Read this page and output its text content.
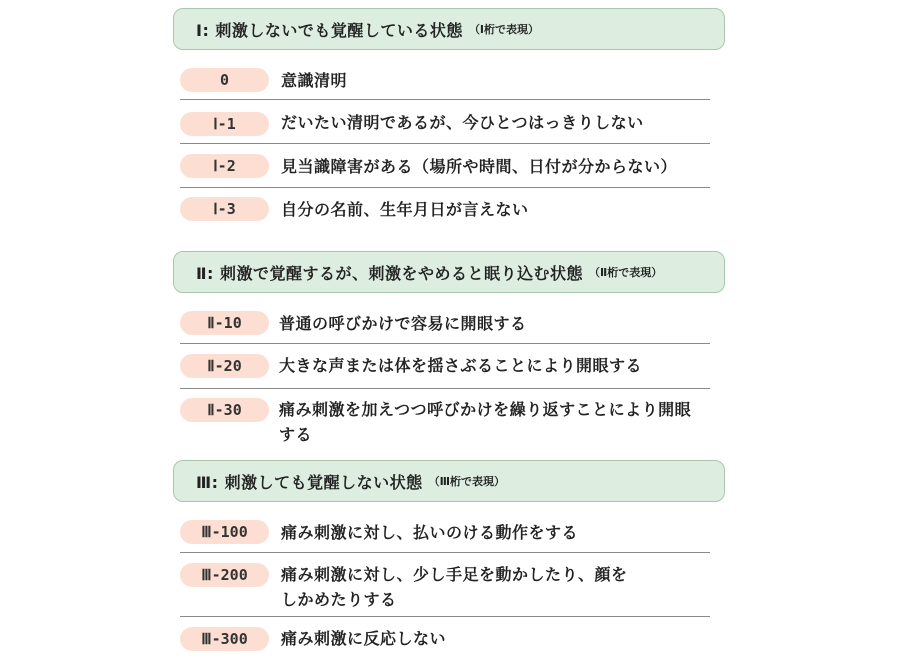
Ⅰ: 刺激しないでも覚醒している状態 （Ⅰ桁で表現）
0	意識清明
Ⅰ-1	だいたい清明であるが、今ひとつはっきりしない
Ⅰ-2	見当識障害がある（場所や時間、日付が分からない）
Ⅰ-3	自分の名前、生年月日が言えない
Ⅱ: 刺激で覚醒するが、刺激をやめると眠り込む状態 （Ⅱ桁で表現）
Ⅱ-10	普通の呼びかけで容易に開眼する
Ⅱ-20	大きな声または体を揺さぶることにより開眼する
Ⅱ-30	痛み刺激を加えつつ呼びかけを繰り返すことにより開眼する
Ⅲ: 刺激しても覚醒しない状態 （Ⅲ桁で表現）
Ⅲ-100	痛み刺激に対し、払いのける動作をする
Ⅲ-200	痛み刺激に対し、少し手足を動かしたり、顔をしかめたりする
Ⅲ-300	痛み刺激に反応しない
